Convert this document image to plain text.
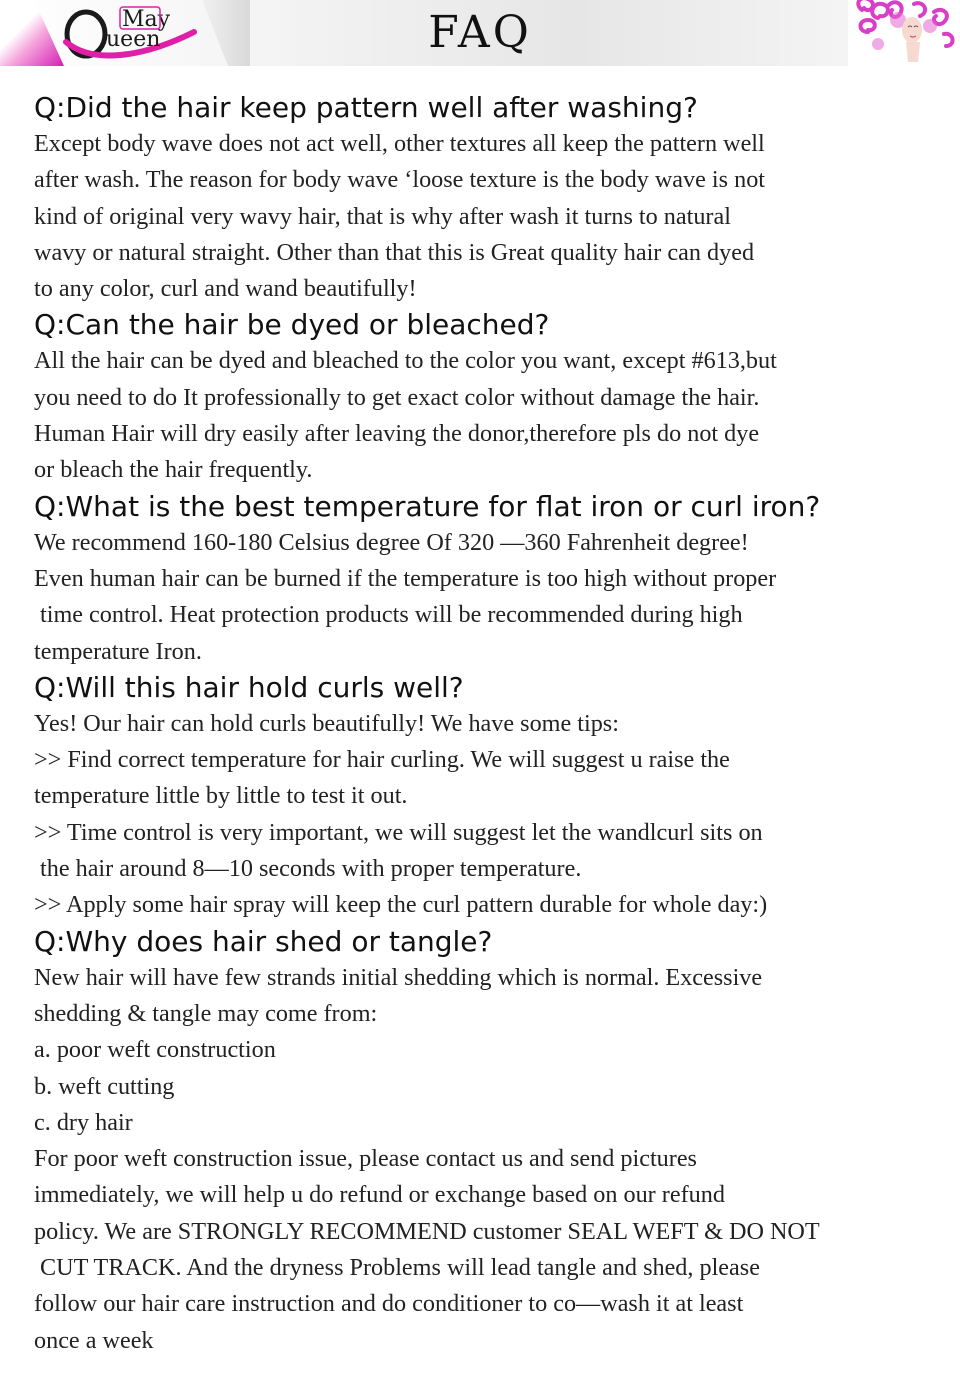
May
ueen	FAQ
Q:Did the hair keep pattern well after washing?
Except body wave does not act well, other textures all keep the pattern well
after wash. The reason for body wave ‘loose texture is the body wave is not
kind of original very wavy hair, that is why after wash it turns to natural
wavy or natural straight. Other than that this is Great quality hair can dyed
to any color, curl and wand beautifully!
Q:Can the hair be dyed or bleached?
All the hair can be dyed and bleached to the color you want, except #613,but
you need to do It professionally to get exact color without damage the hair.
Human Hair will dry easily after leaving the donor,therefore pls do not dye
or bleach the hair frequently.
Q:What is the best temperature for flat iron or curl iron?
We recommend 160-180 Celsius degree Of 320 —360 Fahrenheit degree!
Even human hair can be burned if the temperature is too high without proper
time control. Heat protection products will be recommended during high
temperature Iron.
Q:Will this hair hold curls well?
Yes! Our hair can hold curls beautifully! We have some tips:
>> Find correct temperature for hair curling. We will suggest u raise the
temperature little by little to test it out.
>> Time control is very important, we will suggest let the wandlcurl sits on
the hair around 8—10 seconds with proper temperature.
>> Apply some hair spray will keep the curl pattern durable for whole day:)
Q:Why does hair shed or tangle?
New hair will have few strands initial shedding which is normal. Excessive
shedding & tangle may come from:
a. poor weft construction
b. weft cutting
c. dry hair
For poor weft construction issue, please contact us and send pictures
immediately, we will help u do refund or exchange based on our refund
policy. We are STRONGLY RECOMMEND customer SEAL WEFT & DO NOT
CUT TRACK. And the dryness Problems will lead tangle and shed, please
follow our hair care instruction and do conditioner to co—wash it at least
once a week
